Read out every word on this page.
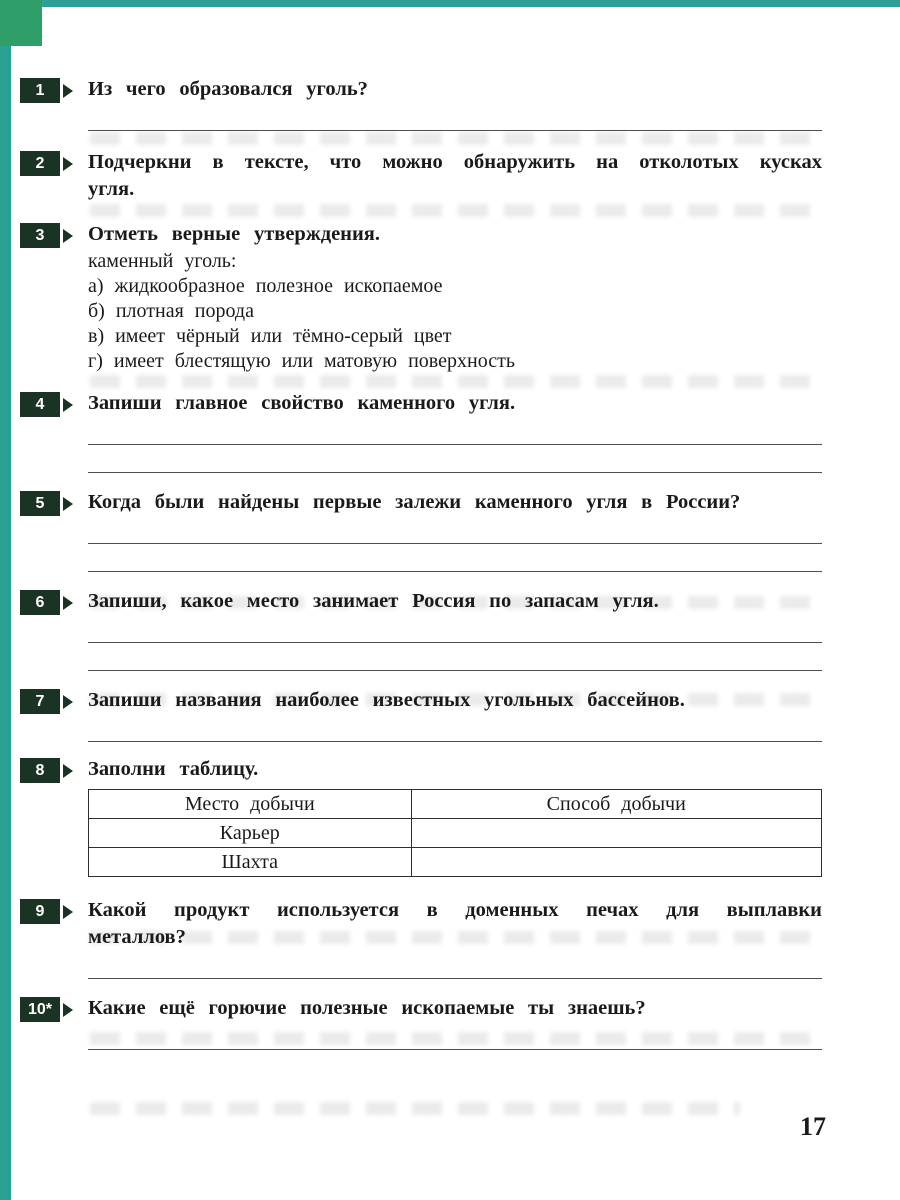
1	Из чего образовался уголь?

2	Подчеркни в тексте, что можно обнаружить на отколотых кусках угля.

3	Отметь верные утверждения.

каменный уголь:

а) жидкообразное полезное ископаемое
б) плотная порода
в) имеет чёрный или тёмно-серый цвет
г) имеет блестящую или матовую поверхность
4	Запиши главное свойство каменного угля.

5	Когда были найдены первые залежи каменного угля в России?

6	Запиши, какое место занимает Россия по запасам угля.

7	Запиши названия наиболее известных угольных бассейнов.

8	Заполни таблицу.

Место добычи	Способ добычи
Карьер	
Шахта	
9	Какой продукт используется в доменных печах для выплавки металлов?

10*	Какие ещё горючие полезные ископаемые ты знаешь?

17
